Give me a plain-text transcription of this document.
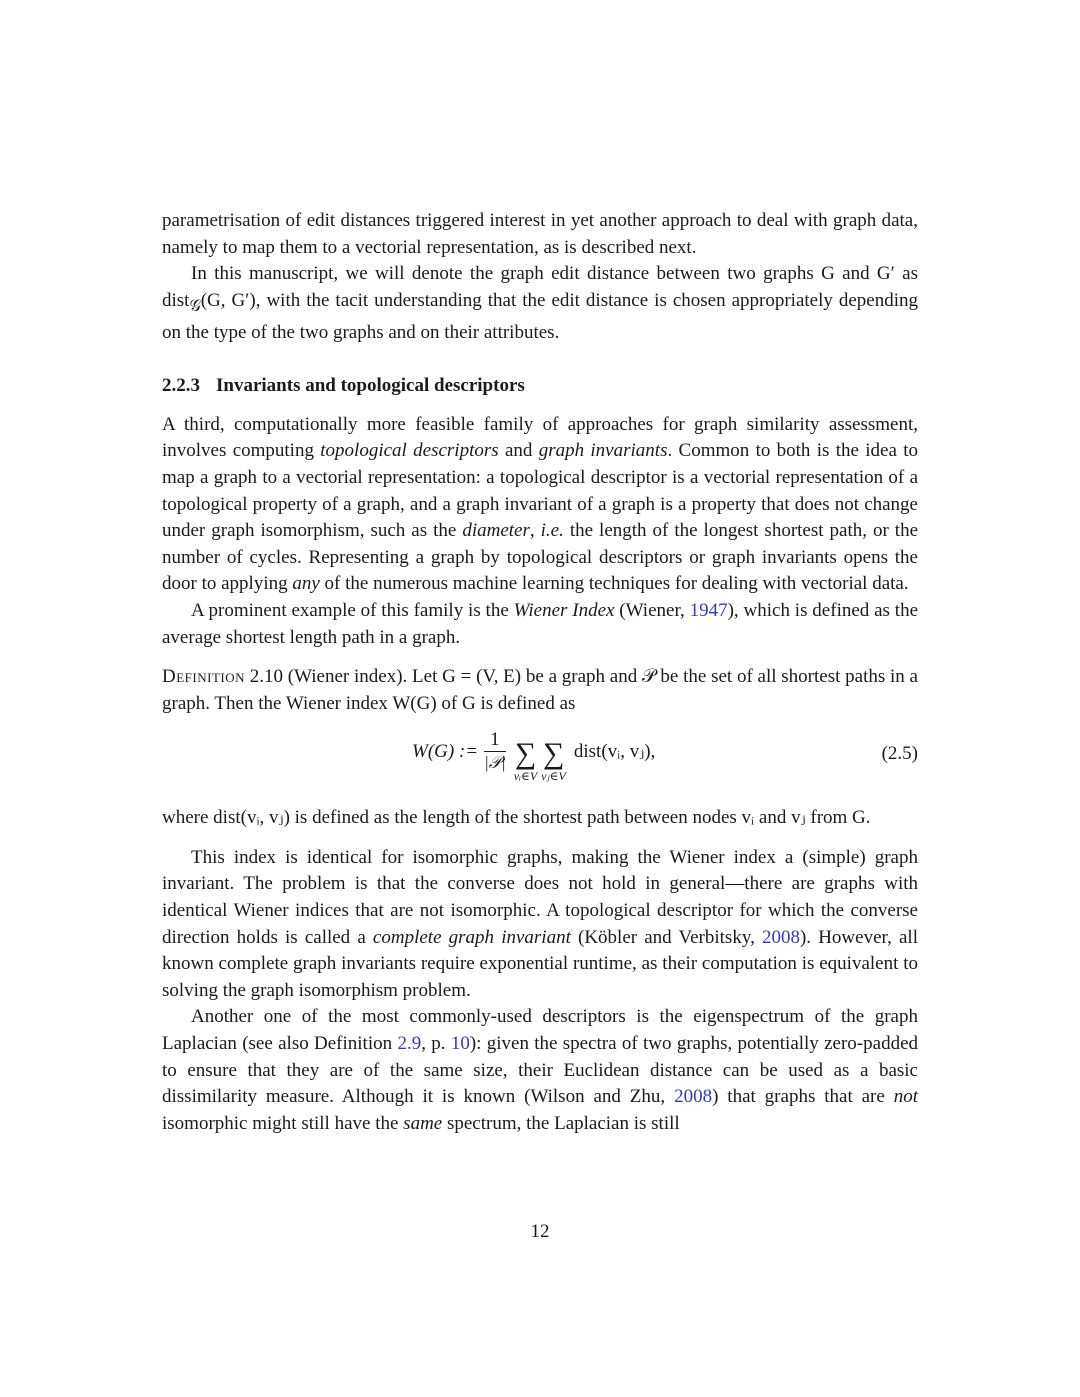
parametrisation of edit distances triggered interest in yet another approach to deal with graph data, namely to map them to a vectorial representation, as is described next.

In this manuscript, we will denote the graph edit distance between two graphs G and G′ as dist$_𝒢$(G, G′), with the tacit understanding that the edit distance is chosen appropriately depending on the type of the two graphs and on their attributes.

2.2.3 Invariants and topological descriptors

A third, computationally more feasible family of approaches for graph similarity assessment, involves computing topological descriptors and graph invariants. Common to both is the idea to map a graph to a vectorial representation: a topological descriptor is a vectorial representation of a topological property of a graph, and a graph invariant of a graph is a property that does not change under graph isomorphism, such as the diameter, i.e. the length of the longest shortest path, or the number of cycles. Representing a graph by topological descriptors or graph invariants opens the door to applying any of the numerous machine learning techniques for dealing with vectorial data.

A prominent example of this family is the Wiener Index (Wiener, 1947), which is defined as the average shortest length path in a graph.

Definition 2.10 (Wiener index). Let G = (V, E) be a graph and 𝒫 be the set of all shortest paths in a graph. Then the Wiener index W(G) of G is defined as

W(G) := $\frac{1}{\text{|𝒫|}}$ ∑
vᵢ∈V
∑
vⱼ∈V
dist(vᵢ, vⱼ),	(2.5)

where dist(vᵢ, vⱼ) is defined as the length of the shortest path between nodes vᵢ and vⱼ from G.

This index is identical for isomorphic graphs, making the Wiener index a (simple) graph invariant. The problem is that the converse does not hold in general—there are graphs with identical Wiener indices that are not isomorphic. A topological descriptor for which the converse direction holds is called a complete graph invariant (Köbler and Verbitsky, 2008). However, all known complete graph invariants require exponential runtime, as their computation is equivalent to solving the graph isomorphism problem.

Another one of the most commonly-used descriptors is the eigenspectrum of the graph Laplacian (see also Definition 2.9, p. 10): given the spectra of two graphs, potentially zero-padded to ensure that they are of the same size, their Euclidean distance can be used as a basic dissimilarity measure. Although it is known (Wilson and Zhu, 2008) that graphs that are not isomorphic might still have the same spectrum, the Laplacian is still

12
